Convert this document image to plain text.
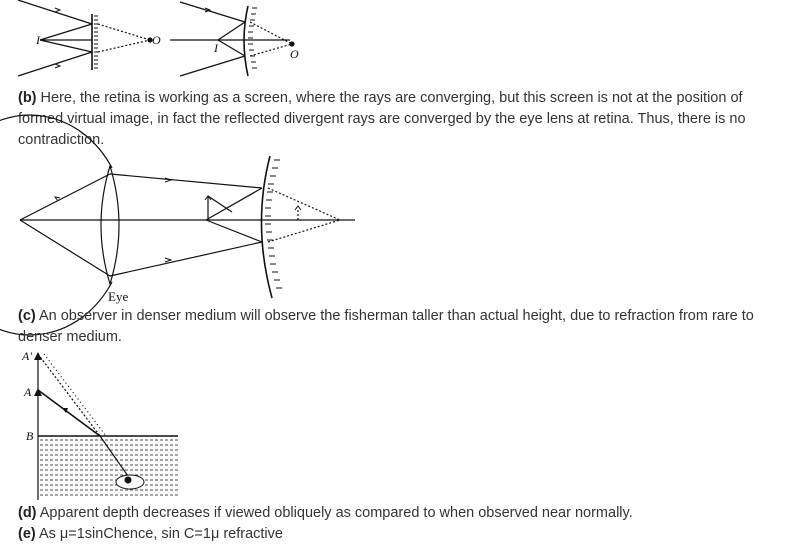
I	O
I	O

(b) Here, the retina is working as a screen, where the rays are converging, but this screen is not at the position of formed virtual image, in fact the reflected divergent rays are converged by the eye lens at retina. Thus, there is no contradiction.

Eye

(c) An observer in denser medium will observe the fisherman taller than actual height, due to refraction from rare to denser medium.

A'
A
B

(d) Apparent depth decreases if viewed obliquely as compared to when observed near normally.

(e) As μ=1sinChence, sin C=1μ refractive
